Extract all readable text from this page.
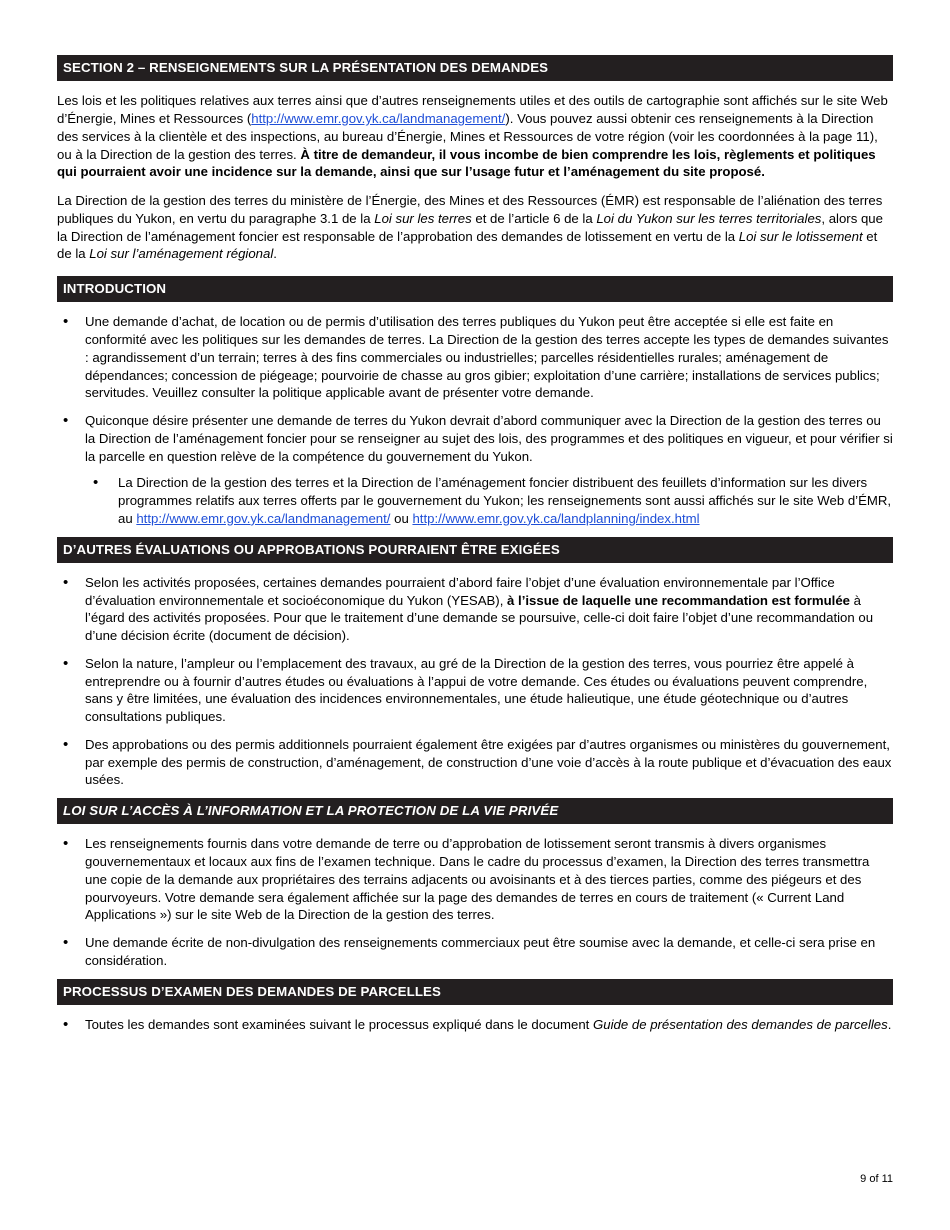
SECTION 2 – RENSEIGNEMENTS SUR LA PRÉSENTATION DES DEMANDES

Les lois et les politiques relatives aux terres ainsi que d’autres renseignements utiles et des outils de cartographie sont affichés sur le site Web d’Énergie, Mines et Ressources (http://www.emr.gov.yk.ca/landmanagement/). Vous pouvez aussi obtenir ces renseignements à la Direction des services à la clientèle et des inspections, au bureau d’Énergie, Mines et Ressources de votre région (voir les coordonnées à la page 11), ou à la Direction de la gestion des terres. À titre de demandeur, il vous incombe de bien comprendre les lois, règlements et politiques qui pourraient avoir une incidence sur la demande, ainsi que sur l’usage futur et l’aménagement du site proposé.

La Direction de la gestion des terres du ministère de l’Énergie, des Mines et des Ressources (ÉMR) est responsable de l’aliénation des terres publiques du Yukon, en vertu du paragraphe 3.1 de la Loi sur les terres et de l’article 6 de la Loi du Yukon sur les terres territoriales, alors que la Direction de l’aménagement foncier est responsable de l’approbation des demandes de lotissement en vertu de la Loi sur le lotissement et de la Loi sur l’aménagement régional.

INTRODUCTION
• Une demande d’achat, de location ou de permis d’utilisation des terres publiques du Yukon peut être acceptée si elle est faite en conformité avec les politiques sur les demandes de terres. La Direction de la gestion des terres accepte les types de demandes suivantes : agrandissement d’un terrain; terres à des fins commerciales ou industrielles; parcelles résidentielles rurales; aménagement de dépendances; concession de piégeage; pourvoirie de chasse au gros gibier; exploitation d’une carrière; installations de services publics; servitudes. Veuillez consulter la politique applicable avant de présenter votre demande.
• Quiconque désire présenter une demande de terres du Yukon devrait d’abord communiquer avec la Direction de la gestion des terres ou la Direction de l’aménagement foncier pour se renseigner au sujet des lois, des programmes et des politiques en vigueur, et pour vérifier si la parcelle en question relève de la compétence du gouvernement du Yukon.
• La Direction de la gestion des terres et la Direction de l’aménagement foncier distribuent des feuillets d’information sur les divers programmes relatifs aux terres offerts par le gouvernement du Yukon; les renseignements sont aussi affichés sur le site Web d’ÉMR, au http://www.emr.gov.yk.ca/landmanagement/ ou http://www.emr.gov.yk.ca/landplanning/index.html
D’AUTRES ÉVALUATIONS OU APPROBATIONS POURRAIENT ÊTRE EXIGÉES
• Selon les activités proposées, certaines demandes pourraient d’abord faire l’objet d’une évaluation environnementale par l’Office d’évaluation environnementale et socioéconomique du Yukon (YESAB), à l’issue de laquelle une recommandation est formulée à l’égard des activités proposées. Pour que le traitement d’une demande se poursuive, celle-ci doit faire l’objet d’une recommandation ou d’une décision écrite (document de décision).
• Selon la nature, l’ampleur ou l’emplacement des travaux, au gré de la Direction de la gestion des terres, vous pourriez être appelé à entreprendre ou à fournir d’autres études ou évaluations à l’appui de votre demande. Ces études ou évaluations peuvent comprendre, sans y être limitées, une évaluation des incidences environnementales, une étude halieutique, une étude géotechnique ou d’autres consultations publiques.
• Des approbations ou des permis additionnels pourraient également être exigées par d’autres organismes ou ministères du gouvernement, par exemple des permis de construction, d’aménagement, de construction d’une voie d’accès à la route publique et d’évacuation des eaux usées.
LOI SUR L’ACCÈS À L’INFORMATION ET LA PROTECTION DE LA VIE PRIVÉE
• Les renseignements fournis dans votre demande de terre ou d’approbation de lotissement seront transmis à divers organismes gouvernementaux et locaux aux fins de l’examen technique. Dans le cadre du processus d’examen, la Direction des terres transmettra une copie de la demande aux propriétaires des terrains adjacents ou avoisinants et à des tierces parties, comme des piégeurs et des pourvoyeurs. Votre demande sera également affichée sur la page des demandes de terres en cours de traitement (« Current Land Applications ») sur le site Web de la Direction de la gestion des terres.
• Une demande écrite de non-divulgation des renseignements commerciaux peut être soumise avec la demande, et celle-ci sera prise en considération.
PROCESSUS D’EXAMEN DES DEMANDES DE PARCELLES
• Toutes les demandes sont examinées suivant le processus expliqué dans le document Guide de présentation des demandes de parcelles.
9 of 11
